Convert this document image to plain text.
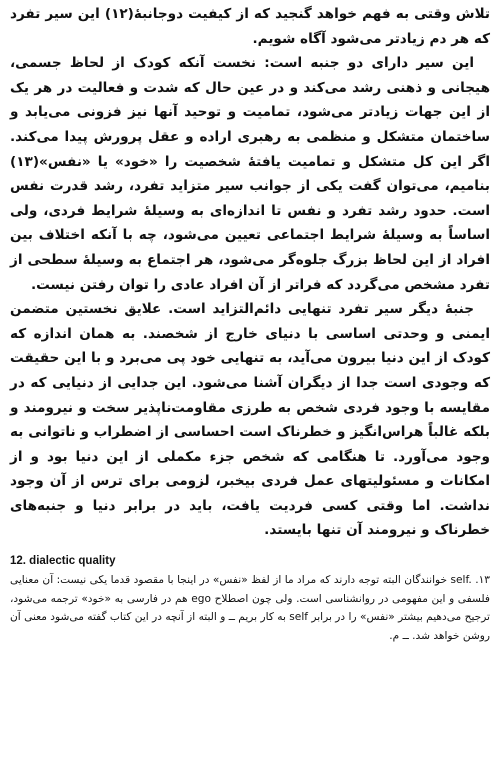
تلاش وقتی به فهم خواهد گنجید که از کیفیت دوجانبهٔ(۱۲) این سیر تفرد که هر دم زیادتر می‌شود آگاه شویم.

این سیر دارای دو جنبه است: نخست آنکه کودک از لحاظ جسمی، هیجانی و ذهنی رشد می‌کند و در عین حال که شدت و فعالیت در هر یک از این جهات زیادتر می‌شود، تمامیت و توحید آنها نیز فزونی می‌یابد و ساختمان متشکل و منظمی به رهبری اراده و عقل پرورش پیدا می‌کند. اگر این کل متشکل و تمامیت یافتهٔ شخصیت را «خود» یا «نفس»(۱۳) بنامیم، می‌توان گفت یکی از جوانب سیر متزاید تفرد، رشد قدرت نفس است. حدود رشد تفرد و نفس تا اندازه‌ای به وسیلهٔ شرایط فردی، ولی اساساً به وسیلهٔ شرایط اجتماعی تعیین می‌شود، چه با آنکه اختلاف بین افراد از این لحاظ بزرگ جلوه‌گر می‌شود، هر اجتماع به وسیلهٔ سطحی از تفرد مشخص می‌گردد که فراتر از آن افراد عادی را توان رفتن نیست.

جنبهٔ دیگر سیر تفرد تنهایی دائم‌التزاید است. علایق نخستین متضمن ایمنی و وحدتی اساسی با دنیای خارج از شخصند. به همان اندازه که کودک از این دنیا بیرون می‌آید، به تنهایی خود پی می‌برد و با این حقیقت که وجودی است جدا از دیگران آشنا می‌شود. این جدایی از دنیایی که در مقایسه با وجود فردی شخص به طرزی مقاومت‌ناپذیر سخت و نیرومند و بلکه غالباً هراس‌انگیز و خطرناک است احساسی از اضطراب و ناتوانی به وجود می‌آورد. تا هنگامی که شخص جزء مکملی از این دنیا بود و از امکانات و مسئولیتهای عمل فردی بیخبر، لزومی برای ترس از آن وجود نداشت. اما وقتی کسی فردیت یافت، باید در برابر دنیا و جنبه‌های خطرناک و نیرومند آن تنها بایستد.

12. dialectic quality

۱۳. self. خوانندگان البته توجه دارند که مراد ما از لفظ «نفس» در اینجا با مقصود قدما یکی نیست: آن معنایی فلسفی و این مفهومی در روانشناسی است. ولی چون اصطلاح ego هم در فارسی به «خود» ترجمه می‌شود، ترجیح می‌دهیم بیشتر «نفس» را در برابر self به کار بریم ــ و البته از آنچه در این کتاب گفته می‌شود معنی آن روشن خواهد شد. ــ م.
